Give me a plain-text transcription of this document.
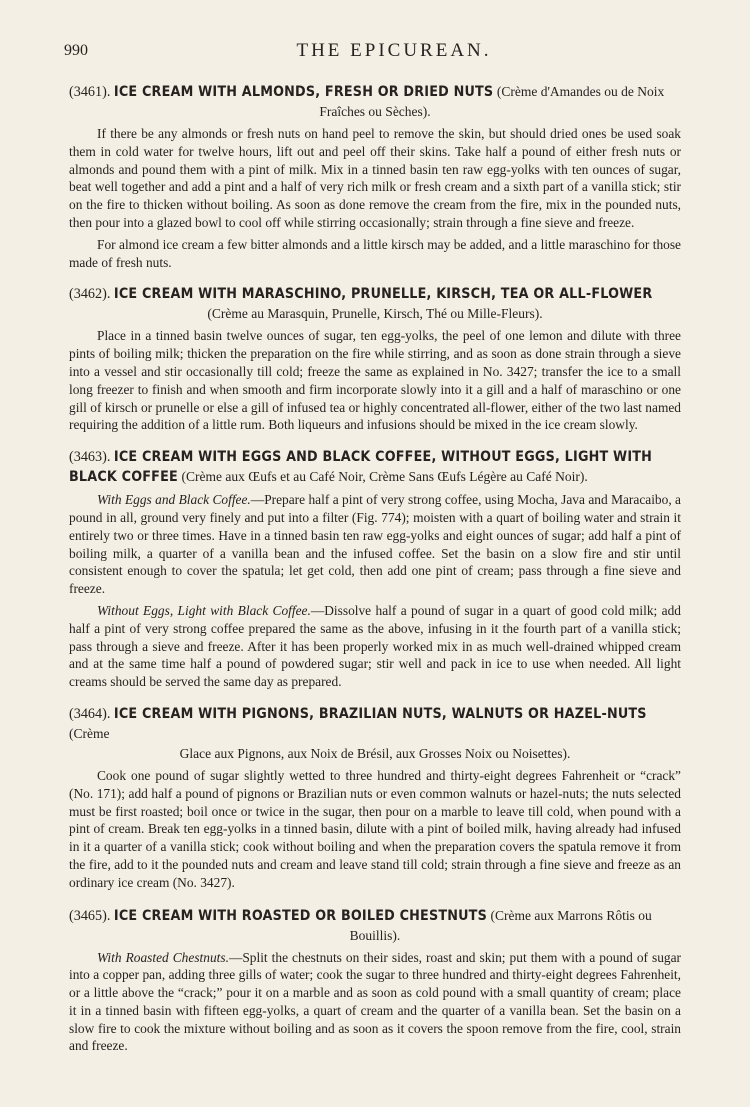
990	THE EPICUREAN.
(3461). ICE CREAM WITH ALMONDS, FRESH OR DRIED NUTS (Crème d'Amandes ou de Noix
Fraîches ou Sèches).

If there be any almonds or fresh nuts on hand peel to remove the skin, but should dried ones be used soak them in cold water for twelve hours, lift out and peel off their skins. Take half a pound of either fresh nuts or almonds and pound them with a pint of milk. Mix in a tinned basin ten raw egg-yolks with ten ounces of sugar, beat well together and add a pint and a half of very rich milk or fresh cream and a sixth part of a vanilla stick; stir on the fire to thicken without boiling. As soon as done remove the cream from the fire, mix in the pounded nuts, then pour into a glazed bowl to cool off while stirring occasionally; strain through a fine sieve and freeze.

For almond ice cream a few bitter almonds and a little kirsch may be added, and a little maraschino for those made of fresh nuts.

(3462). ICE CREAM WITH MARASCHINO, PRUNELLE, KIRSCH, TEA OR ALL-FLOWER
(Crème au Marasquin, Prunelle, Kirsch, Thé ou Mille-Fleurs).

Place in a tinned basin twelve ounces of sugar, ten egg-yolks, the peel of one lemon and dilute with three pints of boiling milk; thicken the preparation on the fire while stirring, and as soon as done strain through a sieve into a vessel and stir occasionally till cold; freeze the same as explained in No. 3427; transfer the ice to a small long freezer to finish and when smooth and firm incorporate slowly into it a gill and a half of maraschino or one gill of kirsch or prunelle or else a gill of infused tea or highly concentrated all-flower, either of the two last named requiring the addition of a little rum. Both liqueurs and infusions should be mixed in the ice cream slowly.

(3463). ICE CREAM WITH EGGS AND BLACK COFFEE, WITHOUT EGGS, LIGHT WITH BLACK COFFEE (Crème aux Œufs et au Café Noir, Crème Sans Œufs Légère au Café Noir).

With Eggs and Black Coffee.—Prepare half a pint of very strong coffee, using Mocha, Java and Maracaibo, a pound in all, ground very finely and put into a filter (Fig. 774); moisten with a quart of boiling water and strain it entirely two or three times. Have in a tinned basin ten raw egg-yolks and eight ounces of sugar; add half a pint of boiling milk, a quarter of a vanilla bean and the infused coffee. Set the basin on a slow fire and stir until consistent enough to cover the spatula; let get cold, then add one pint of cream; pass through a fine sieve and freeze.

Without Eggs, Light with Black Coffee.—Dissolve half a pound of sugar in a quart of good cold milk; add half a pint of very strong coffee prepared the same as the above, infusing in it the fourth part of a vanilla stick; pass through a sieve and freeze. After it has been properly worked mix in as much well-drained whipped cream and at the same time half a pound of powdered sugar; stir well and pack in ice to use when needed. All light creams should be served the same day as prepared.

(3464). ICE CREAM WITH PIGNONS, BRAZILIAN NUTS, WALNUTS OR HAZEL-NUTS (Crème
Glace aux Pignons, aux Noix de Brésil, aux Grosses Noix ou Noisettes).

Cook one pound of sugar slightly wetted to three hundred and thirty-eight degrees Fahrenheit or “crack” (No. 171); add half a pound of pignons or Brazilian nuts or even common walnuts or hazel-nuts; the nuts selected must be first roasted; boil once or twice in the sugar, then pour on a marble to leave till cold, when pound with a pint of cream. Break ten egg-yolks in a tinned basin, dilute with a pint of boiled milk, having already had infused in it a quarter of a vanilla stick; cook without boiling and when the preparation covers the spatula remove it from the fire, add to it the pounded nuts and cream and leave stand till cold; strain through a fine sieve and freeze as an ordinary ice cream (No. 3427).

(3465). ICE CREAM WITH ROASTED OR BOILED CHESTNUTS (Crème aux Marrons Rôtis ou
Bouillis).

With Roasted Chestnuts.—Split the chestnuts on their sides, roast and skin; put them with a pound of sugar into a copper pan, adding three gills of water; cook the sugar to three hundred and thirty-eight degrees Fahrenheit, or a little above the “crack;” pour it on a marble and as soon as cold pound with a small quantity of cream; place it in a tinned basin with fifteen egg-yolks, a quart of cream and the quarter of a vanilla bean. Set the basin on a slow fire to cook the mixture without boiling and as soon as it covers the spoon remove from the fire, cool, strain and freeze.
